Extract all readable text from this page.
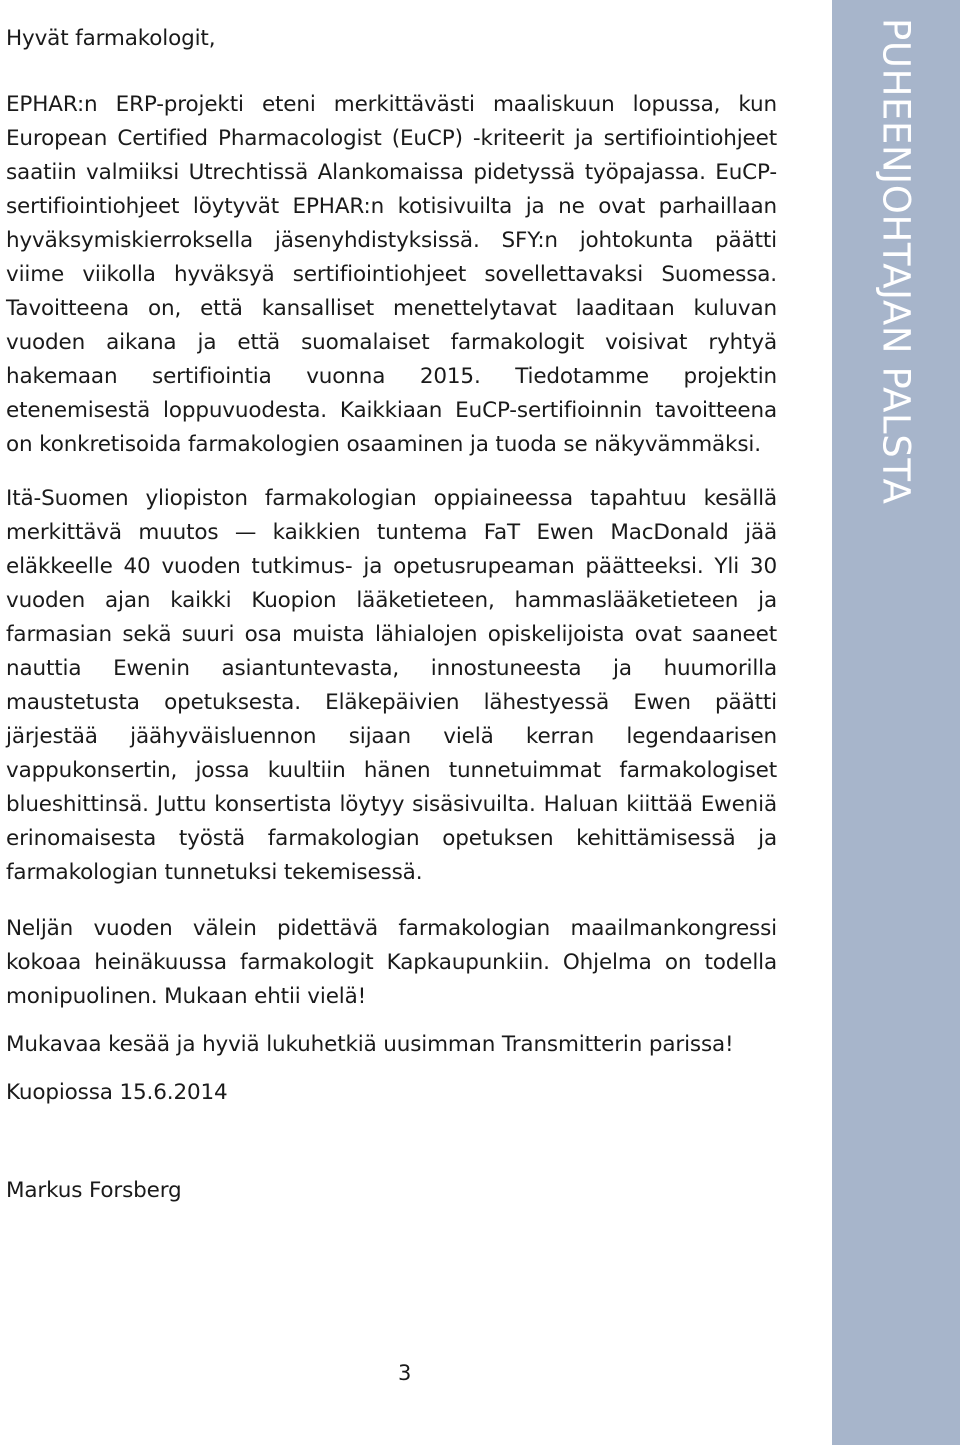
PUHEENJOHTAJAN PALSTA

Hyvät farmakologit,

EPHAR:n ERP-projekti eteni merkittävästi maaliskuun lopussa, kun European Certified Pharmacologist (EuCP) -kriteerit ja sertifiointiohjeet saatiin valmiiksi Utrechtissä Alankomaissa pidetyssä työpajassa. EuCP-sertifiointiohjeet löytyvät EPHAR:n kotisivuilta ja ne ovat parhaillaan hyväksymiskierroksella jäsenyhdistyksissä. SFY:n johtokunta päätti viime viikolla hyväksyä sertifiointiohjeet sovellettavaksi Suomessa. Tavoitteena on, että kansalliset menettelytavat laaditaan kuluvan vuoden aikana ja että suomalaiset farmakologit voisivat ryhtyä hakemaan sertifiointia vuonna 2015. Tiedotamme projektin etenemisestä loppuvuodesta. Kaikkiaan EuCP-sertifioinnin tavoitteena on konkretisoida farmakologien osaaminen ja tuoda se näkyvämmäksi.

Itä-Suomen yliopiston farmakologian oppiaineessa tapahtuu kesällä merkittävä muutos — kaikkien tuntema FaT Ewen MacDonald jää eläkkeelle 40 vuoden tutkimus- ja opetusrupeaman päätteeksi. Yli 30 vuoden ajan kaikki Kuopion lääketieteen, hammaslääketieteen ja farmasian sekä suuri osa muista lähialojen opiskelijoista ovat saaneet nauttia Ewenin asiantuntevasta, innostuneesta ja huumorilla maustetusta opetuksesta. Eläkepäivien lähestyessä Ewen päätti järjestää jäähyväisluennon sijaan vielä kerran legendaarisen vappukonsertin, jossa kuultiin hänen tunnetuimmat farmakologiset blueshittinsä. Juttu konsertista löytyy sisäsivuilta. Haluan kiittää Eweniä erinomaisesta työstä farmakologian opetuksen kehittämisessä ja farmakologian tunnetuksi tekemisessä.

Neljän vuoden välein pidettävä farmakologian maailmankongressi kokoaa heinäkuussa farmakologit Kapkaupunkiin. Ohjelma on todella monipuolinen. Mukaan ehtii vielä!

Mukavaa kesää ja hyviä lukuhetkiä uusimman Transmitterin parissa!

Kuopiossa 15.6.2014

Markus Forsberg

3
